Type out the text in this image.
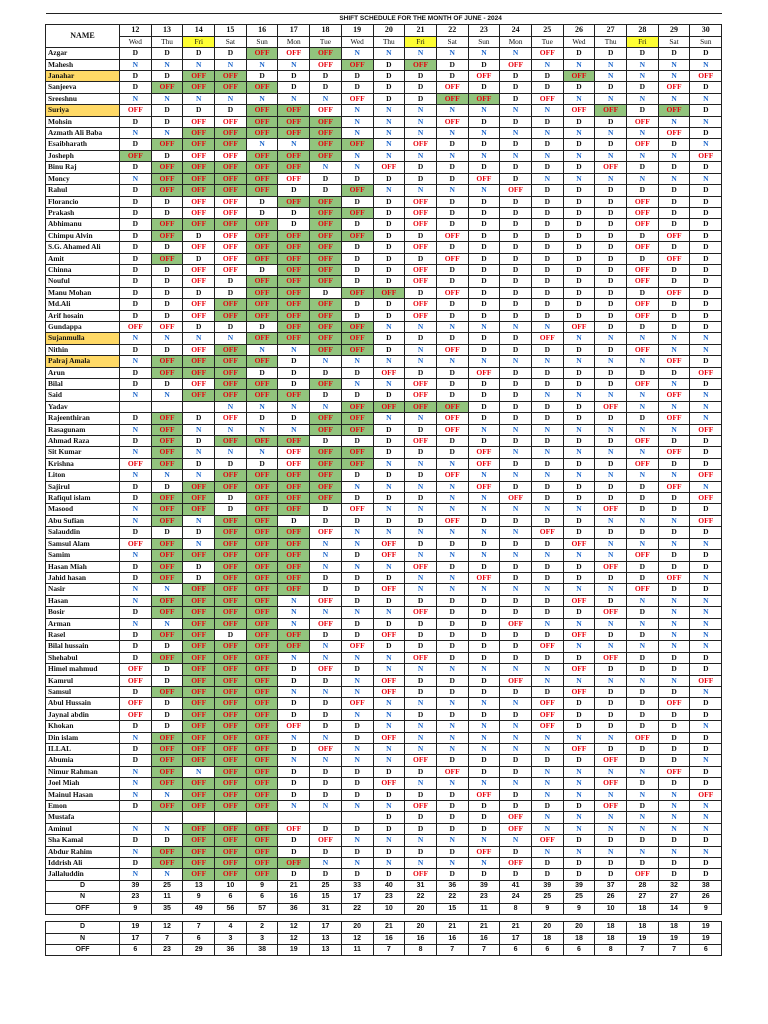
	SHIFT SCHEDULE FOR THE MONTH OF JUNE - 2024																		
NAME	12	13	14	15	16	17	18	19	20	21	22	23	24	25	26	27	28	29	30
	Wed	Thu	Fri	Sat	Sun	Mon	Tue	Wed	Thu	Fri	Sat	Sun	Mon	Tue	Wed	Thu	Fri	Sat	Sun
Azgar	D	D	D	D	OFF	OFF	OFF	N	N	N	N	N	N	OFF	D	D	D	D	D
Mahesh	N	N	N	N	N	N	OFF	OFF	D	OFF	D	D	OFF	N	N	N	N	N	N
Janahar	D	D	OFF	OFF	D	D	D	D	D	D	D	OFF	D	D	OFF	N	N	N	OFF
Sanjeeva	D	OFF	OFF	OFF	OFF	D	D	D	D	D	OFF	D	D	D	D	D	D	OFF	D
Sreeshnu	N	N	N	N	N	N	N	OFF	D	D	OFF	OFF	D	OFF	N	N	N	N	N
Suriya	OFF	D	D	D	OFF	OFF	OFF	N	N	N	N	N	N	N	OFF	OFF	D	OFF	D
Mohsin	D	D	OFF	OFF	OFF	OFF	OFF	N	N	N	OFF	D	D	D	D	D	OFF	N	N
Azmath Ali Baba	N	N	OFF	OFF	OFF	OFF	OFF	N	N	N	N	N	N	N	N	N	N	OFF	D
Esaibharath	D	OFF	OFF	OFF	N	N	OFF	OFF	N	OFF	D	D	D	D	D	D	OFF	D	N
Josheph	OFF	D	OFF	OFF	OFF	OFF	OFF	N	N	N	N	N	N	N	N	N	N	N	OFF
Binu Raj	D	OFF	OFF	OFF	OFF	OFF	N	N	OFF	D	D	D	D	D	D	OFF	D	D	D
Moncy	N	OFF	OFF	OFF	OFF	OFF	D	D	D	D	D	OFF	D	N	N	N	N	N	N
Rahul	D	OFF	OFF	OFF	OFF	D	D	OFF	N	N	N	N	OFF	D	D	D	D	D	D
Florancio	D	D	OFF	OFF	D	OFF	OFF	D	D	OFF	D	D	D	D	D	D	OFF	D	D
Prakash	D	D	OFF	OFF	D	D	OFF	OFF	D	OFF	D	D	D	D	D	D	OFF	D	D
Abhimanu	D	OFF	OFF	OFF	OFF	D	OFF	D	D	OFF	D	D	D	D	D	D	OFF	D	D
Chimpu Alvin	D	OFF	D	OFF	OFF	OFF	OFF	OFF	D	D	OFF	D	D	D	D	D	D	OFF	D
S.G. Ahamed Ali	D	D	OFF	OFF	OFF	OFF	OFF	D	D	OFF	D	D	D	D	D	D	OFF	D	D
Amit	D	OFF	D	OFF	OFF	OFF	OFF	D	D	D	OFF	D	D	D	D	D	D	OFF	D
Chinna	D	D	OFF	OFF	D	OFF	OFF	D	D	OFF	D	D	D	D	D	D	OFF	D	D
Nouful	D	D	OFF	D	OFF	OFF	OFF	D	D	OFF	D	D	D	D	D	D	OFF	D	D
Manu Mohan	D	D	D	D	OFF	OFF	D	OFF	OFF	D	OFF	D	D	D	D	D	D	OFF	D
Md.Ali	D	D	OFF	OFF	OFF	OFF	OFF	D	D	OFF	D	D	D	D	D	D	OFF	D	D
Arif hosain	D	D	OFF	OFF	OFF	OFF	OFF	D	D	OFF	D	D	D	D	D	D	OFF	D	D
Gundappa	OFF	OFF	D	D	D	OFF	OFF	OFF	N	N	N	N	N	N	OFF	D	D	D	D
Sujanmulla	N	N	N	N	OFF	OFF	OFF	OFF	D	D	D	D	D	OFF	N	N	N	N	N
Nithin	D	D	OFF	OFF	N	N	OFF	OFF	D	N	OFF	D	D	D	D	D	OFF	N	N
Palraj Amala	N	OFF	OFF	OFF	OFF	D	N	N	N	N	N	N	N	N	N	N	N	OFF	D
Arun	D	OFF	OFF	OFF	D	D	D	D	OFF	D	D	OFF	D	D	D	D	D	D	OFF
Bilal	D	D	OFF	OFF	OFF	D	OFF	N	N	OFF	D	D	D	D	D	D	OFF	N	D
Said	N	N	OFF	OFF	OFF	OFF	D	D	D	OFF	D	D	D	N	N	N	N	OFF	N
Yadav				N	N	N	N	OFF	OFF	OFF	OFF	D	D	D	D	OFF	N	N	N
Rajeenthiran	D	OFF	D	OFF	D	D	OFF	OFF	N	N	OFF	D	D	D	D	D	D	OFF	N
Rasagunam	N	OFF	N	N	N	N	OFF	OFF	D	D	OFF	N	N	N	N	N	N	N	OFF
Ahmad Raza	D	OFF	D	OFF	OFF	OFF	D	D	D	OFF	D	D	D	D	D	D	OFF	D	D
Sit Kumar	N	OFF	N	N	N	OFF	OFF	OFF	D	D	D	OFF	N	N	N	N	N	OFF	D
Krishna	OFF	OFF	D	D	D	OFF	OFF	OFF	N	N	N	OFF	D	D	D	D	OFF	D	D
Liton	N	N	N	OFF	OFF	OFF	OFF	D	D	D	OFF	N	N	N	N	N	N	N	OFF
Sajirul	D	D	OFF	OFF	OFF	OFF	OFF	N	N	N	N	OFF	D	D	D	D	D	OFF	N
Rafiqul islam	D	OFF	OFF	D	OFF	OFF	OFF	D	D	D	N	N	OFF	D	D	D	D	D	OFF
Masood	N	OFF	OFF	D	OFF	OFF	D	OFF	N	N	N	N	N	N	N	OFF	D	D	D
Abu Sufian	N	OFF	N	OFF	OFF	D	D	D	D	D	OFF	D	D	D	D	N	N	N	OFF
Salauddin	D	D	D	OFF	OFF	OFF	OFF	N	N	N	N	N	N	OFF	D	D	D	D	D
Samsul Alam	OFF	OFF	N	OFF	OFF	OFF	N	N	OFF	D	D	D	D	D	OFF	N	N	N	N
Samim	N	OFF	OFF	OFF	OFF	OFF	N	D	OFF	N	N	N	N	N	N	N	OFF	D	D
Hasan Miah	D	OFF	D	OFF	OFF	OFF	N	N	N	OFF	D	D	D	D	D	OFF	D	D	D
Jahid hasan	D	OFF	D	OFF	OFF	OFF	D	D	D	N	N	OFF	D	D	D	D	D	OFF	N
Nasir	N	N	OFF	OFF	OFF	OFF	D	D	OFF	N	N	N	N	N	N	N	OFF	D	D
Hasan	N	OFF	OFF	OFF	OFF	N	OFF	D	D	D	D	D	D	D	OFF	D	N	N	N
Bosir	D	OFF	OFF	OFF	OFF	N	N	N	N	OFF	D	D	D	D	D	OFF	D	N	N
Arman	N	N	OFF	OFF	OFF	N	OFF	D	D	D	D	D	OFF	N	N	N	N	N	N
Rasel	D	OFF	OFF	D	OFF	OFF	D	D	OFF	D	D	D	D	D	OFF	D	D	N	N
Bilal hussain	D	D	OFF	OFF	OFF	OFF	N	OFF	D	D	D	D	D	OFF	N	N	N	N	N
Shehabul	D	OFF	OFF	OFF	OFF	N	N	N	N	OFF	D	D	D	D	D	OFF	D	D	D
Himel mahmud	OFF	D	OFF	OFF	OFF	D	OFF	D	N	N	N	N	N	N	OFF	D	D	D	D
Kamrul	OFF	D	OFF	OFF	OFF	D	D	N	OFF	D	D	D	OFF	N	N	N	N	N	OFF
Samsul	D	OFF	OFF	OFF	OFF	N	N	N	OFF	D	D	D	D	D	OFF	D	D	D	N
Abul Hussain	OFF	D	OFF	OFF	OFF	D	D	OFF	N	N	N	N	N	OFF	D	D	D	OFF	D
Jaynal abdin	OFF	D	OFF	OFF	OFF	D	D	N	N	D	D	D	D	OFF	D	D	D	D	D
Khokan	D	D	OFF	OFF	OFF	OFF	D	D	N	N	N	N	N	OFF	D	D	D	D	N
Din islam	N	OFF	OFF	OFF	OFF	N	N	D	OFF	N	N	N	N	N	N	N	OFF	D	D
ILLAL	D	OFF	OFF	OFF	OFF	D	OFF	N	N	N	N	N	N	N	OFF	D	D	D	D
Abumia	D	OFF	OFF	OFF	OFF	N	N	N	N	OFF	D	D	D	D	D	OFF	D	D	N
Nimur Rahman	N	OFF	N	OFF	OFF	D	D	D	D	D	OFF	D	D	N	N	N	N	OFF	D
Joel Miah	N	OFF	OFF	OFF	OFF	D	D	D	OFF	N	N	N	N	N	N	OFF	D	D	D
Mainul Hasan	N	N	OFF	OFF	OFF	D	D	D	D	D	D	OFF	D	N	N	N	N	N	OFF
Emon	D	OFF	OFF	OFF	OFF	N	N	N	N	OFF	D	D	D	D	D	OFF	D	N	N
Mustafa									D	D	D	D	OFF	N	N	N	N	N	N
Aminul	N	N	OFF	OFF	OFF	OFF	D	D	D	D	D	D	OFF	N	N	N	N	N	N
Sha Kamal	D	D	OFF	OFF	OFF	D	OFF	N	N	N	N	N	N	OFF	D	D	D	D	D
Abdur Rahim	N	OFF	OFF	OFF	OFF	D	D	D	D	D	D	OFF	D	N	N	N	N	N	N
Iddrish Ali	D	OFF	OFF	OFF	OFF	OFF	N	N	N	N	N	N	OFF	D	D	D	D	D	D
Jallaluddin	N	N	OFF	OFF	OFF	D	D	D	D	OFF	D	D	D	D	D	D	OFF	D	D
D	39	25	13	10	9	21	25	33	40	31	36	39	41	39	39	37	28	32	38
N	23	11	9	6	6	16	15	17	23	22	22	23	24	25	25	26	27	27	26
OFF	9	35	49	56	57	36	31	22	10	20	15	11	8	9	9	10	18	14	9

D	19	12	7	4	2	12	17	20	21	20	21	21	21	20	20	18	18	18	19
N	17	7	6	3	3	12	13	12	16	16	16	16	17	18	18	18	19	19	19
OFF	6	23	29	36	38	19	13	11	7	8	7	7	6	6	6	8	7	7	6
